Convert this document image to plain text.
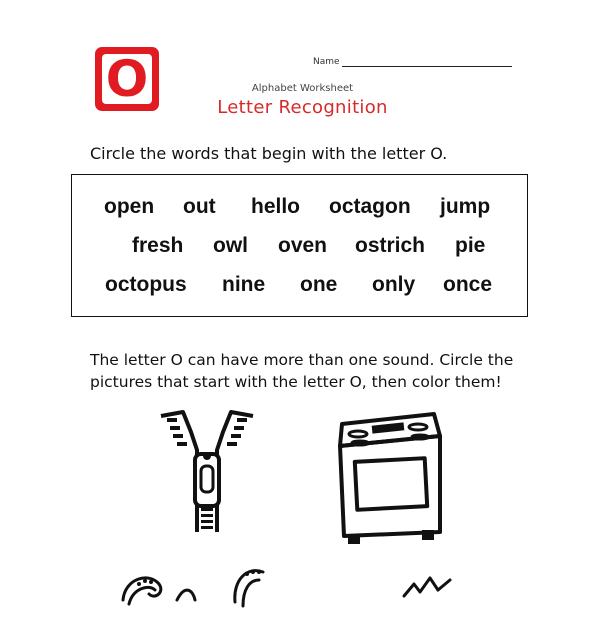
O	Name
Alphabet Worksheet
Letter Recognition
Circle the words that begin with the letter O.
open out hello octagon jump
fresh owl oven ostrich pie
octopus nine one only once
The letter O can have more than one sound. Circle the pictures that start with the letter O, then color them!
